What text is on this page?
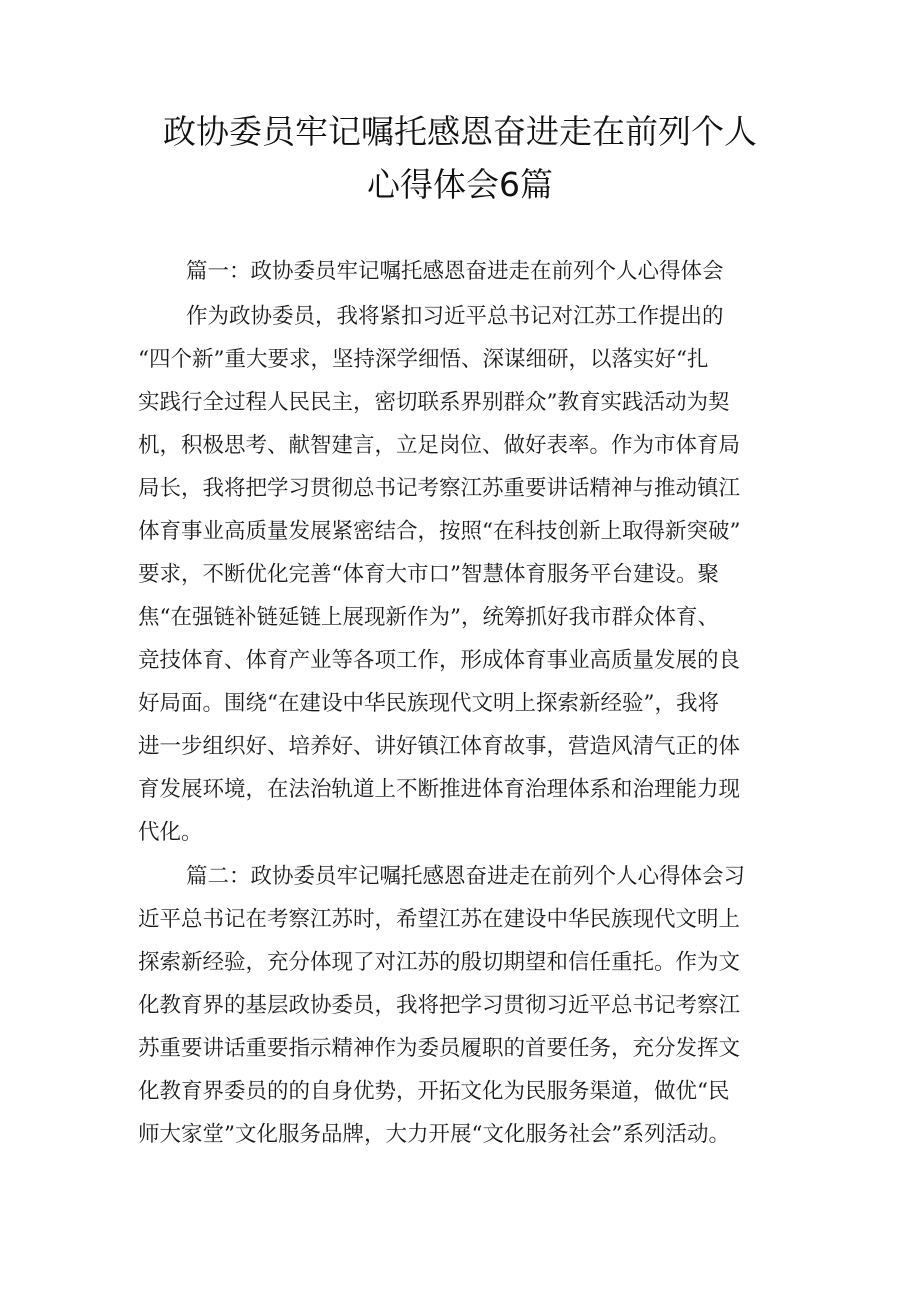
政协委员牢记嘱托感恩奋进走在前列个人
心得体会6篇
篇一：政协委员牢记嘱托感恩奋进走在前列个人心得体会
作为政协委员，我将紧扣习近平总书记对江苏工作提出的
“四个新”重大要求，坚持深学细悟、深谋细研，以落实好“扎
实践行全过程人民民主，密切联系界别群众”教育实践活动为契
机，积极思考、献智建言，立足岗位、做好表率。作为市体育局
局长，我将把学习贯彻总书记考察江苏重要讲话精神与推动镇江
体育事业高质量发展紧密结合，按照“在科技创新上取得新突破”
要求，不断优化完善“体育大市口”智慧体育服务平台建设。聚
焦“在强链补链延链上展现新作为”，统筹抓好我市群众体育、
竞技体育、体育产业等各项工作，形成体育事业高质量发展的良
好局面。围绕“在建设中华民族现代文明上探索新经验”，我将
进一步组织好、培养好、讲好镇江体育故事，营造风清气正的体
育发展环境，在法治轨道上不断推进体育治理体系和治理能力现
代化。
篇二：政协委员牢记嘱托感恩奋进走在前列个人心得体会习
近平总书记在考察江苏时，希望江苏在建设中华民族现代文明上
探索新经验，充分体现了对江苏的殷切期望和信任重托。作为文
化教育界的基层政协委员，我将把学习贯彻习近平总书记考察江
苏重要讲话重要指示精神作为委员履职的首要任务，充分发挥文
化教育界委员的的自身优势，开拓文化为民服务渠道，做优“民
师大家堂”文化服务品牌，大力开展“文化服务社会”系列活动。
